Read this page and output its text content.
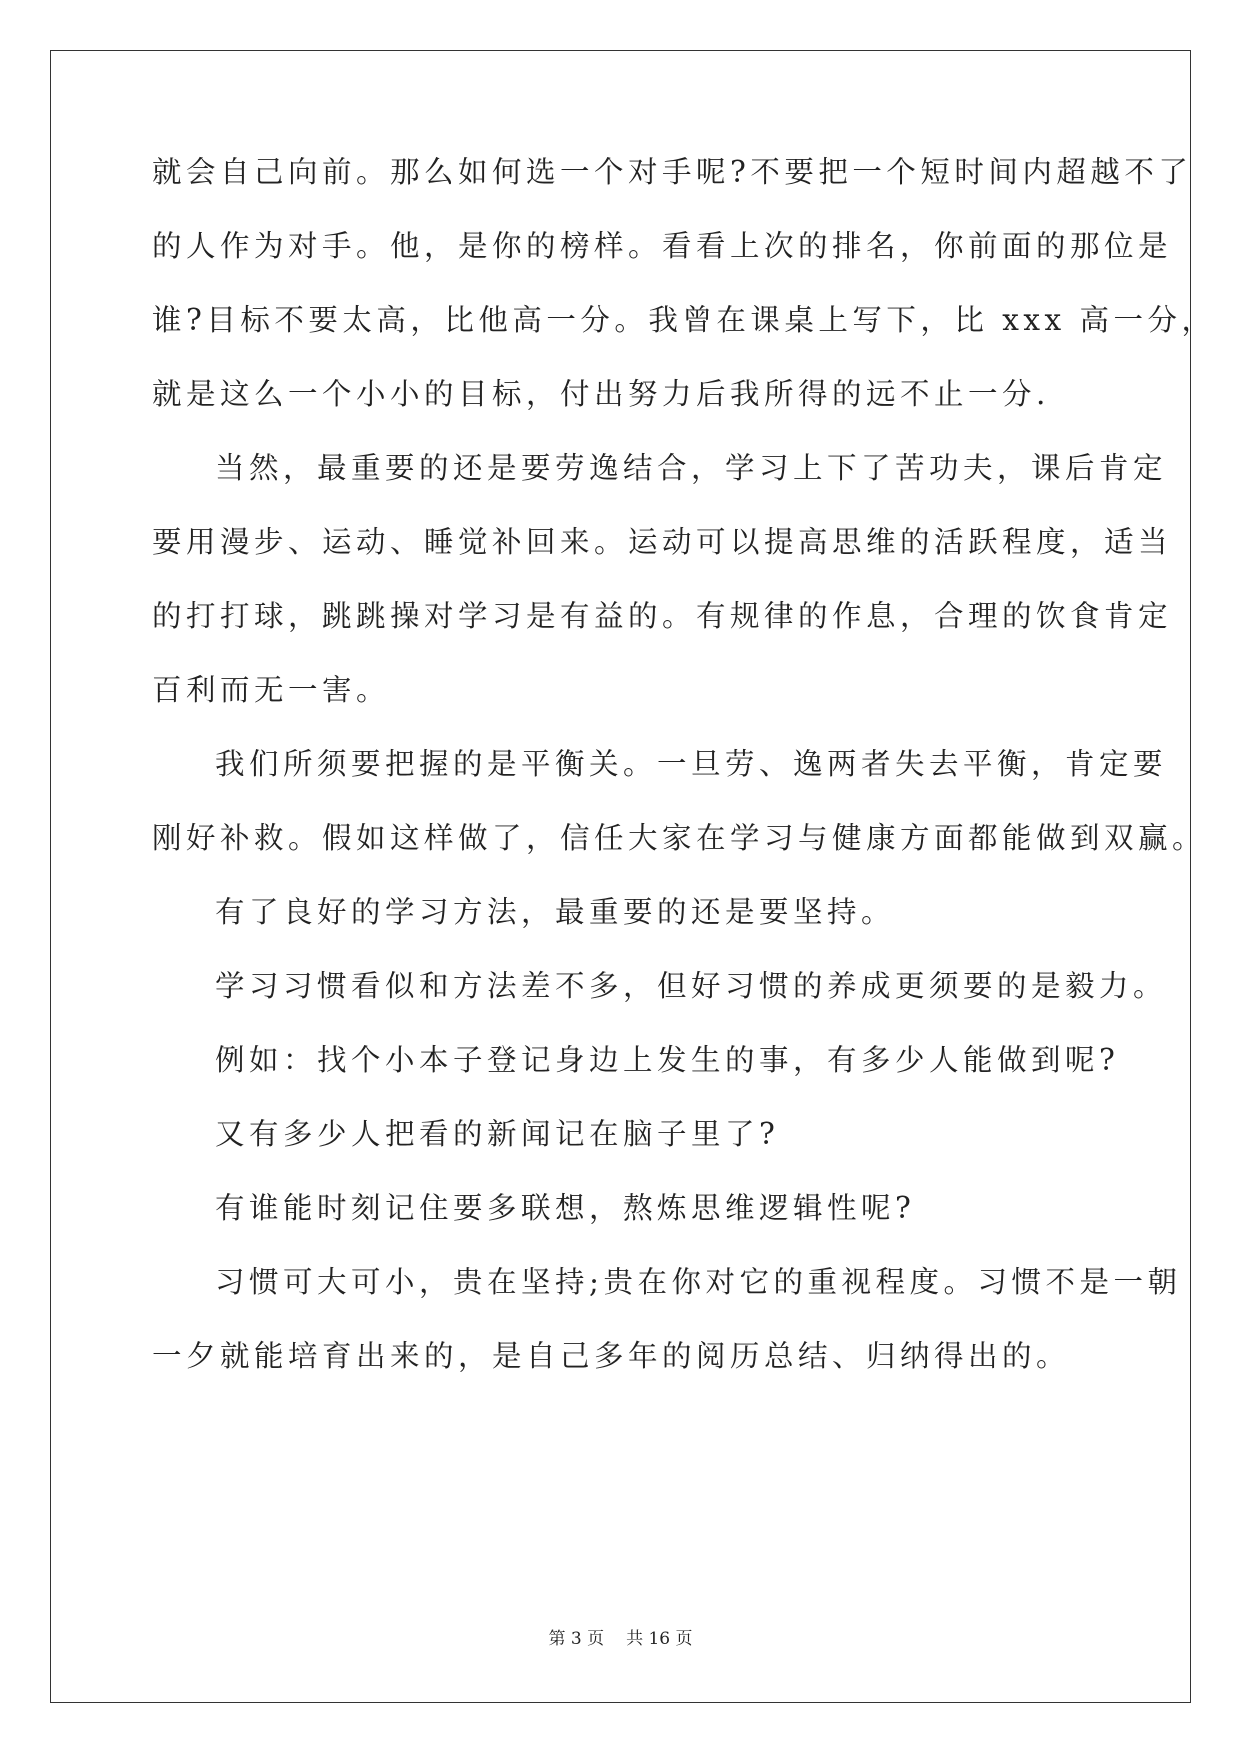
就会自己向前。那么如何选一个对手呢?不要把一个短时间内超越不了
的人作为对手。他，是你的榜样。看看上次的排名，你前面的那位是
谁?目标不要太高，比他高一分。我曾在课桌上写下，比 xxx 高一分，
就是这么一个小小的目标，付出努力后我所得的远不止一分.
当然，最重要的还是要劳逸结合，学习上下了苦功夫，课后肯定
要用漫步、运动、睡觉补回来。运动可以提高思维的活跃程度，适当
的打打球，跳跳操对学习是有益的。有规律的作息，合理的饮食肯定
百利而无一害。
我们所须要把握的是平衡关。一旦劳、逸两者失去平衡，肯定要
刚好补救。假如这样做了，信任大家在学习与健康方面都能做到双赢。
有了良好的学习方法，最重要的还是要坚持。
学习习惯看似和方法差不多，但好习惯的养成更须要的是毅力。
例如：找个小本子登记身边上发生的事，有多少人能做到呢?
又有多少人把看的新闻记在脑子里了?
有谁能时刻记住要多联想，熬炼思维逻辑性呢?
习惯可大可小，贵在坚持;贵在你对它的重视程度。习惯不是一朝
一夕就能培育出来的，是自己多年的阅历总结、归纳得出的。
第 3 页 共 16 页
